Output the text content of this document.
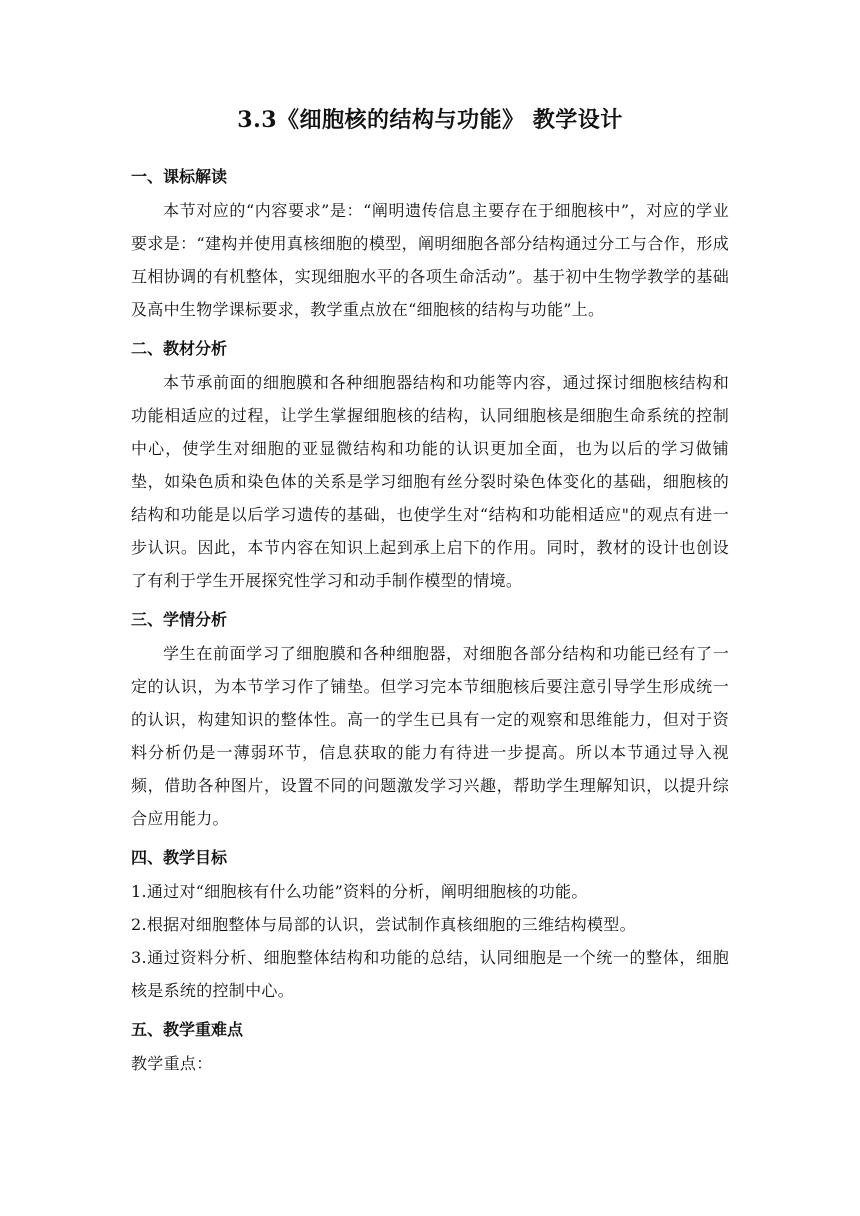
3.3《细胞核的结构与功能》 教学设计

一、课标解读

本节对应的“内容要求”是：“阐明遗传信息主要存在于细胞核中”，对应的学业要求是：“建构并使用真核细胞的模型，阐明细胞各部分结构通过分工与合作，形成互相协调的有机整体，实现细胞水平的各项生命活动”。基于初中生物学教学的基础及高中生物学课标要求，教学重点放在“细胞核的结构与功能”上。

二、教材分析

本节承前面的细胞膜和各种细胞器结构和功能等内容，通过探讨细胞核结构和功能相适应的过程，让学生掌握细胞核的结构，认同细胞核是细胞生命系统的控制中心，使学生对细胞的亚显微结构和功能的认识更加全面，也为以后的学习做铺垫，如染色质和染色体的关系是学习细胞有丝分裂时染色体变化的基础，细胞核的结构和功能是以后学习遗传的基础，也使学生对“结构和功能相适应"的观点有进一步认识。因此，本节内容在知识上起到承上启下的作用。同时，教材的设计也创设了有利于学生开展探究性学习和动手制作模型的情境。

三、学情分析

学生在前面学习了细胞膜和各种细胞器，对细胞各部分结构和功能已经有了一定的认识，为本节学习作了铺垫。但学习完本节细胞核后要注意引导学生形成统一的认识，构建知识的整体性。高一的学生已具有一定的观察和思维能力，但对于资料分析仍是一薄弱环节，信息获取的能力有待进一步提高。所以本节通过导入视频，借助各种图片，设置不同的问题激发学习兴趣，帮助学生理解知识，以提升综合应用能力。

四、教学目标

1.通过对“细胞核有什么功能”资料的分析，阐明细胞核的功能。

2.根据对细胞整体与局部的认识，尝试制作真核细胞的三维结构模型。

3.通过资料分析、细胞整体结构和功能的总结，认同细胞是一个统一的整体，细胞核是系统的控制中心。

五、教学重难点

教学重点：
